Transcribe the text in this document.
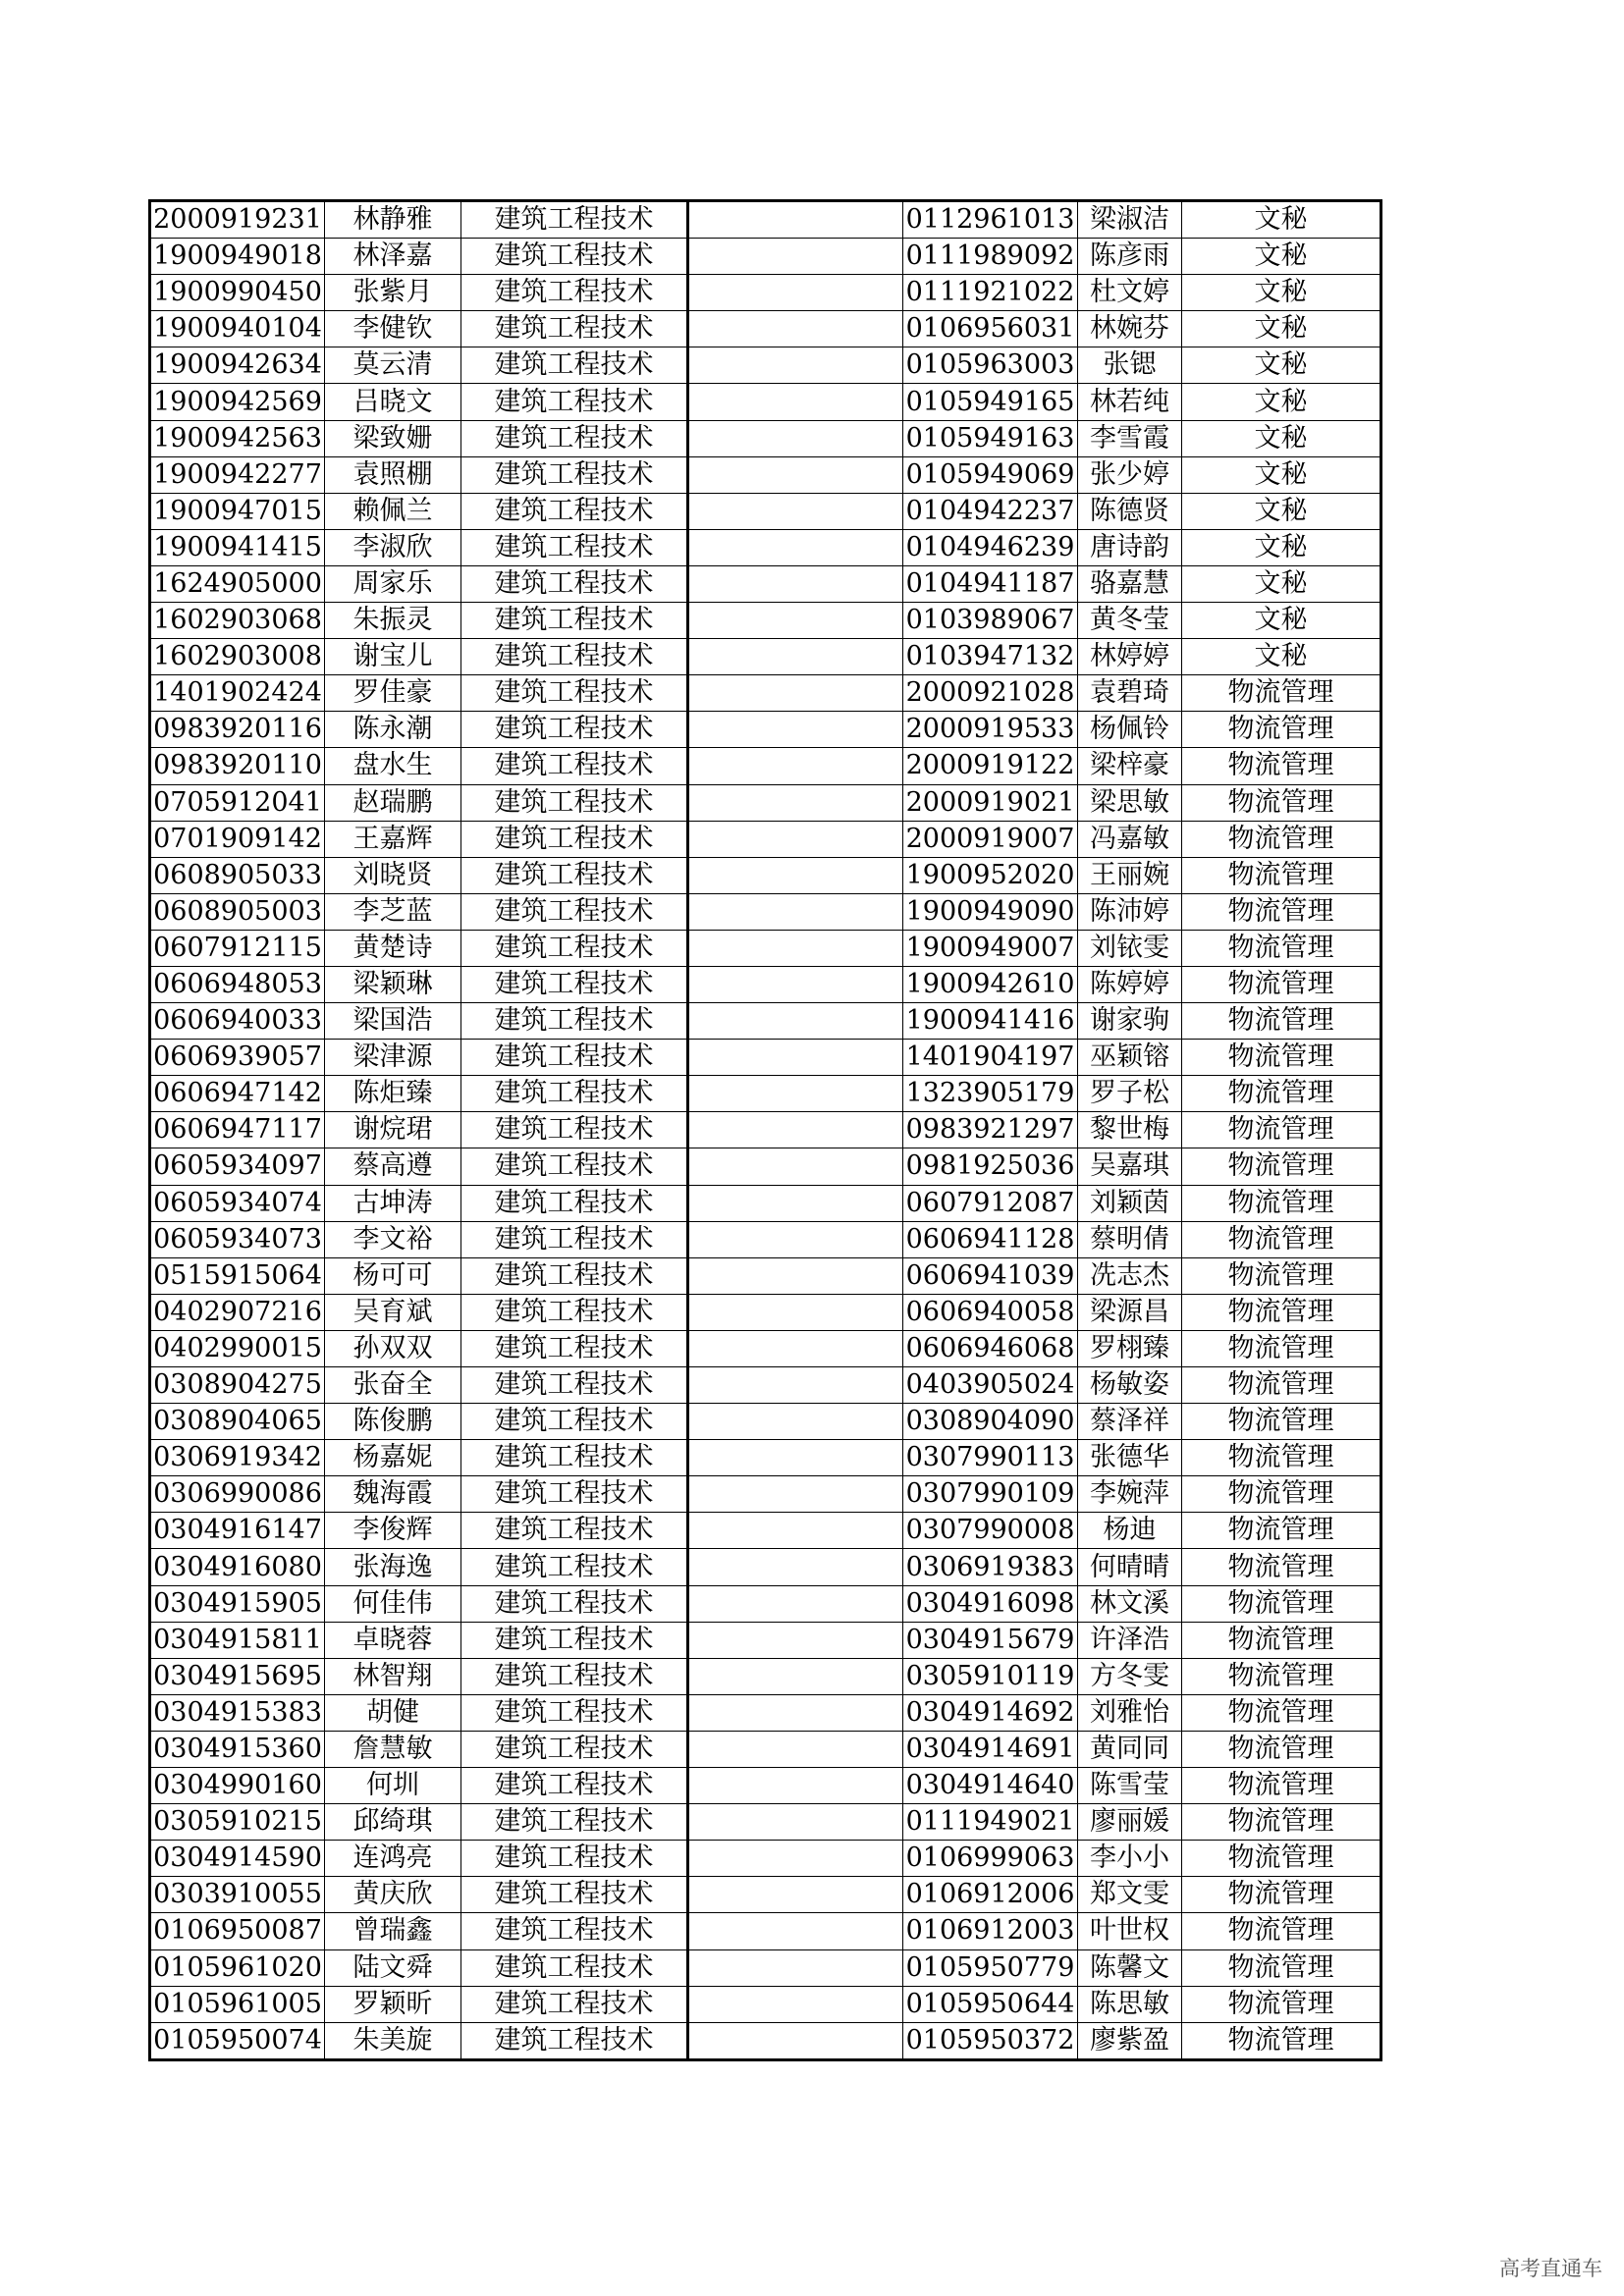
2000919231	林静雅	建筑工程技术		0112961013	梁淑洁	文秘
1900949018	林泽嘉	建筑工程技术		0111989092	陈彦雨	文秘
1900990450	张紫月	建筑工程技术		0111921022	杜文婷	文秘
1900940104	李健钦	建筑工程技术		0106956031	林婉芬	文秘
1900942634	莫云清	建筑工程技术		0105963003	张锶	文秘
1900942569	吕晓文	建筑工程技术		0105949165	林若纯	文秘
1900942563	梁致姗	建筑工程技术		0105949163	李雪霞	文秘
1900942277	袁照棚	建筑工程技术		0105949069	张少婷	文秘
1900947015	赖佩兰	建筑工程技术		0104942237	陈德贤	文秘
1900941415	李淑欣	建筑工程技术		0104946239	唐诗韵	文秘
1624905000	周家乐	建筑工程技术		0104941187	骆嘉慧	文秘
1602903068	朱振灵	建筑工程技术		0103989067	黄冬莹	文秘
1602903008	谢宝儿	建筑工程技术		0103947132	林婷婷	文秘
1401902424	罗佳豪	建筑工程技术		2000921028	袁碧琦	物流管理
0983920116	陈永潮	建筑工程技术		2000919533	杨佩铃	物流管理
0983920110	盘水生	建筑工程技术		2000919122	梁梓豪	物流管理
0705912041	赵瑞鹏	建筑工程技术		2000919021	梁思敏	物流管理
0701909142	王嘉辉	建筑工程技术		2000919007	冯嘉敏	物流管理
0608905033	刘晓贤	建筑工程技术		1900952020	王丽婉	物流管理
0608905003	李芝蓝	建筑工程技术		1900949090	陈沛婷	物流管理
0607912115	黄楚诗	建筑工程技术		1900949007	刘铱雯	物流管理
0606948053	梁颖琳	建筑工程技术		1900942610	陈婷婷	物流管理
0606940033	梁国浩	建筑工程技术		1900941416	谢家驹	物流管理
0606939057	梁津源	建筑工程技术		1401904197	巫颖镕	物流管理
0606947142	陈炬臻	建筑工程技术		1323905179	罗子松	物流管理
0606947117	谢烷珺	建筑工程技术		0983921297	黎世梅	物流管理
0605934097	蔡高遵	建筑工程技术		0981925036	吴嘉琪	物流管理
0605934074	古坤涛	建筑工程技术		0607912087	刘颖茵	物流管理
0605934073	李文裕	建筑工程技术		0606941128	蔡明倩	物流管理
0515915064	杨可可	建筑工程技术		0606941039	冼志杰	物流管理
0402907216	吴育斌	建筑工程技术		0606940058	梁源昌	物流管理
0402990015	孙双双	建筑工程技术		0606946068	罗栩臻	物流管理
0308904275	张奋全	建筑工程技术		0403905024	杨敏姿	物流管理
0308904065	陈俊鹏	建筑工程技术		0308904090	蔡泽祥	物流管理
0306919342	杨嘉妮	建筑工程技术		0307990113	张德华	物流管理
0306990086	魏海霞	建筑工程技术		0307990109	李婉萍	物流管理
0304916147	李俊辉	建筑工程技术		0307990008	杨迪	物流管理
0304916080	张海逸	建筑工程技术		0306919383	何晴晴	物流管理
0304915905	何佳伟	建筑工程技术		0304916098	林文溪	物流管理
0304915811	卓晓蓉	建筑工程技术		0304915679	许泽浩	物流管理
0304915695	林智翔	建筑工程技术		0305910119	方冬雯	物流管理
0304915383	胡健	建筑工程技术		0304914692	刘雅怡	物流管理
0304915360	詹慧敏	建筑工程技术		0304914691	黄同同	物流管理
0304990160	何圳	建筑工程技术		0304914640	陈雪莹	物流管理
0305910215	邱绮琪	建筑工程技术		0111949021	廖丽媛	物流管理
0304914590	连鸿亮	建筑工程技术		0106999063	李小小	物流管理
0303910055	黄庆欣	建筑工程技术		0106912006	郑文雯	物流管理
0106950087	曾瑞鑫	建筑工程技术		0106912003	叶世权	物流管理
0105961020	陆文舜	建筑工程技术		0105950779	陈馨文	物流管理
0105961005	罗颖昕	建筑工程技术		0105950644	陈思敏	物流管理
0105950074	朱美旋	建筑工程技术		0105950372	廖紫盈	物流管理
高考直通车
